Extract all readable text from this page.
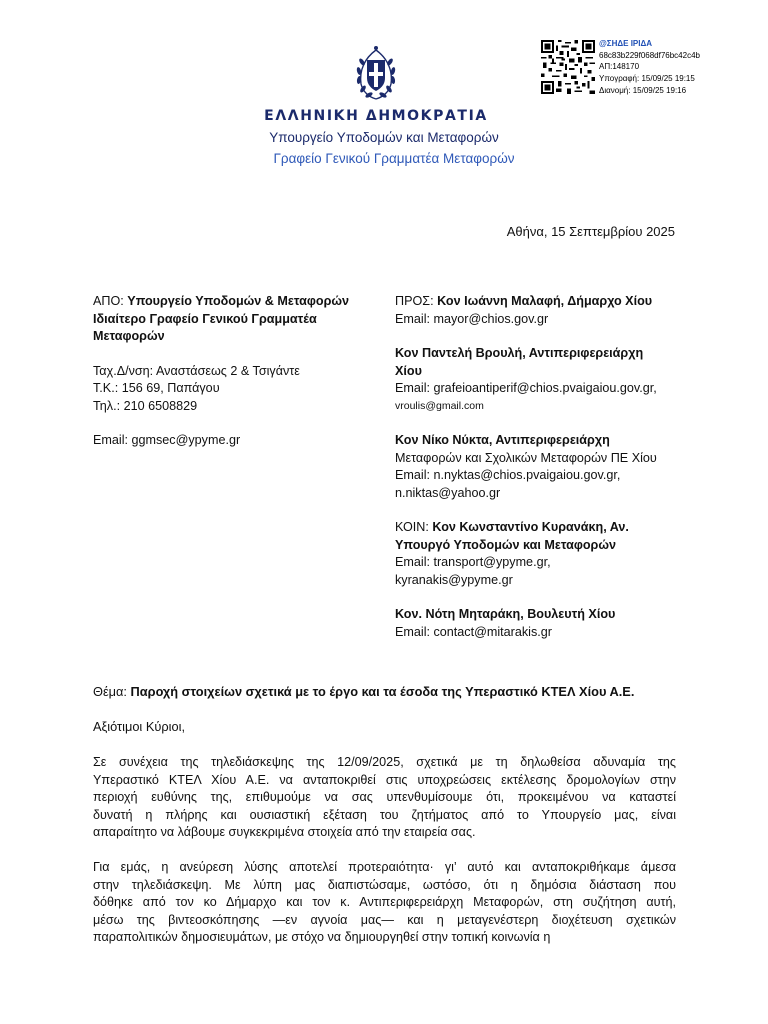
@ΣΗΔΕ ΙΡΙΔΑ
68c83b229f068df76bc42c4b
ΑΠ:148170
Υπογραφή: 15/09/25 19:15
Διανομή: 15/09/25 19:16
ΕΛΛΗΝΙΚΗ ΔΗΜΟΚΡΑΤΙΑ
Υπουργείο Υποδομών και Μεταφορών
Γραφείο Γενικού Γραμματέα Μεταφορών
Αθήνα, 15 Σεπτεμβρίου 2025
ΑΠΟ: Υπουργείο Υποδομών & Μεταφορών
Ιδιαίτερο Γραφείο Γενικού Γραμματέα
Μεταφορών
Ταχ.Δ/νση: Αναστάσεως 2 & Τσιγάντε
Τ.Κ.: 156 69, Παπάγου
Τηλ.: 210 6508829
Email: ggmsec@ypyme.gr
ΠΡΟΣ: Κον Ιωάννη Μαλαφή, Δήμαρχο Χίου
Email: mayor@chios.gov.gr
Κον Παντελή Βρουλή, Αντιπεριφερειάρχη
Χίου
Email: grafeioantiperif@chios.pvaigaiou.gov.gr,
vroulis@gmail.com
Κον Νίκο Νύκτα, Αντιπεριφερειάρχη
Μεταφορών και Σχολικών Μεταφορών ΠΕ Χίου
Email: n.nyktas@chios.pvaigaiou.gov.gr,
n.niktas@yahoo.gr
ΚΟΙΝ: Κον Κωνσταντίνο Κυρανάκη, Αν.
Υπουργό Υποδομών και Μεταφορών
Email: transport@ypyme.gr,
kyranakis@ypyme.gr
Κον. Νότη Μηταράκη, Βουλευτή Χίου
Email: contact@mitarakis.gr
Θέμα: Παροχή στοιχείων σχετικά με το έργο και τα έσοδα της Υπεραστικό ΚΤΕΛ Χίου Α.Ε.
Αξιότιμοι Κύριοι,
Σε συνέχεια της τηλεδιάσκεψης της 12/09/2025, σχετικά με τη δηλωθείσα αδυναμία της
Υπεραστικό ΚΤΕΛ Χίου Α.Ε. να ανταποκριθεί στις υποχρεώσεις εκτέλεσης δρομολογίων στην
περιοχή ευθύνης της, επιθυμούμε να σας υπενθυμίσουμε ότι, προκειμένου να καταστεί
δυνατή η πλήρης και ουσιαστική εξέταση του ζητήματος από το Υπουργείο μας, είναι
απαραίτητο να λάβουμε συγκεκριμένα στοιχεία από την εταιρεία σας.
Για εμάς, η ανεύρεση λύσης αποτελεί προτεραιότητα· γι’ αυτό και ανταποκριθήκαμε άμεσα
στην τηλεδιάσκεψη. Με λύπη μας διαπιστώσαμε, ωστόσο, ότι η δημόσια διάσταση που
δόθηκε από τον κο Δήμαρχο και τον κ. Αντιπεριφερειάρχη Μεταφορών, στη συζήτηση αυτή,
μέσω της βιντεοσκόπησης —εν αγνοία μας— και η μεταγενέστερη διοχέτευση σχετικών
παραπολιτικών δημοσιευμάτων, με στόχο να δημιουργηθεί στην τοπική κοινωνία η
